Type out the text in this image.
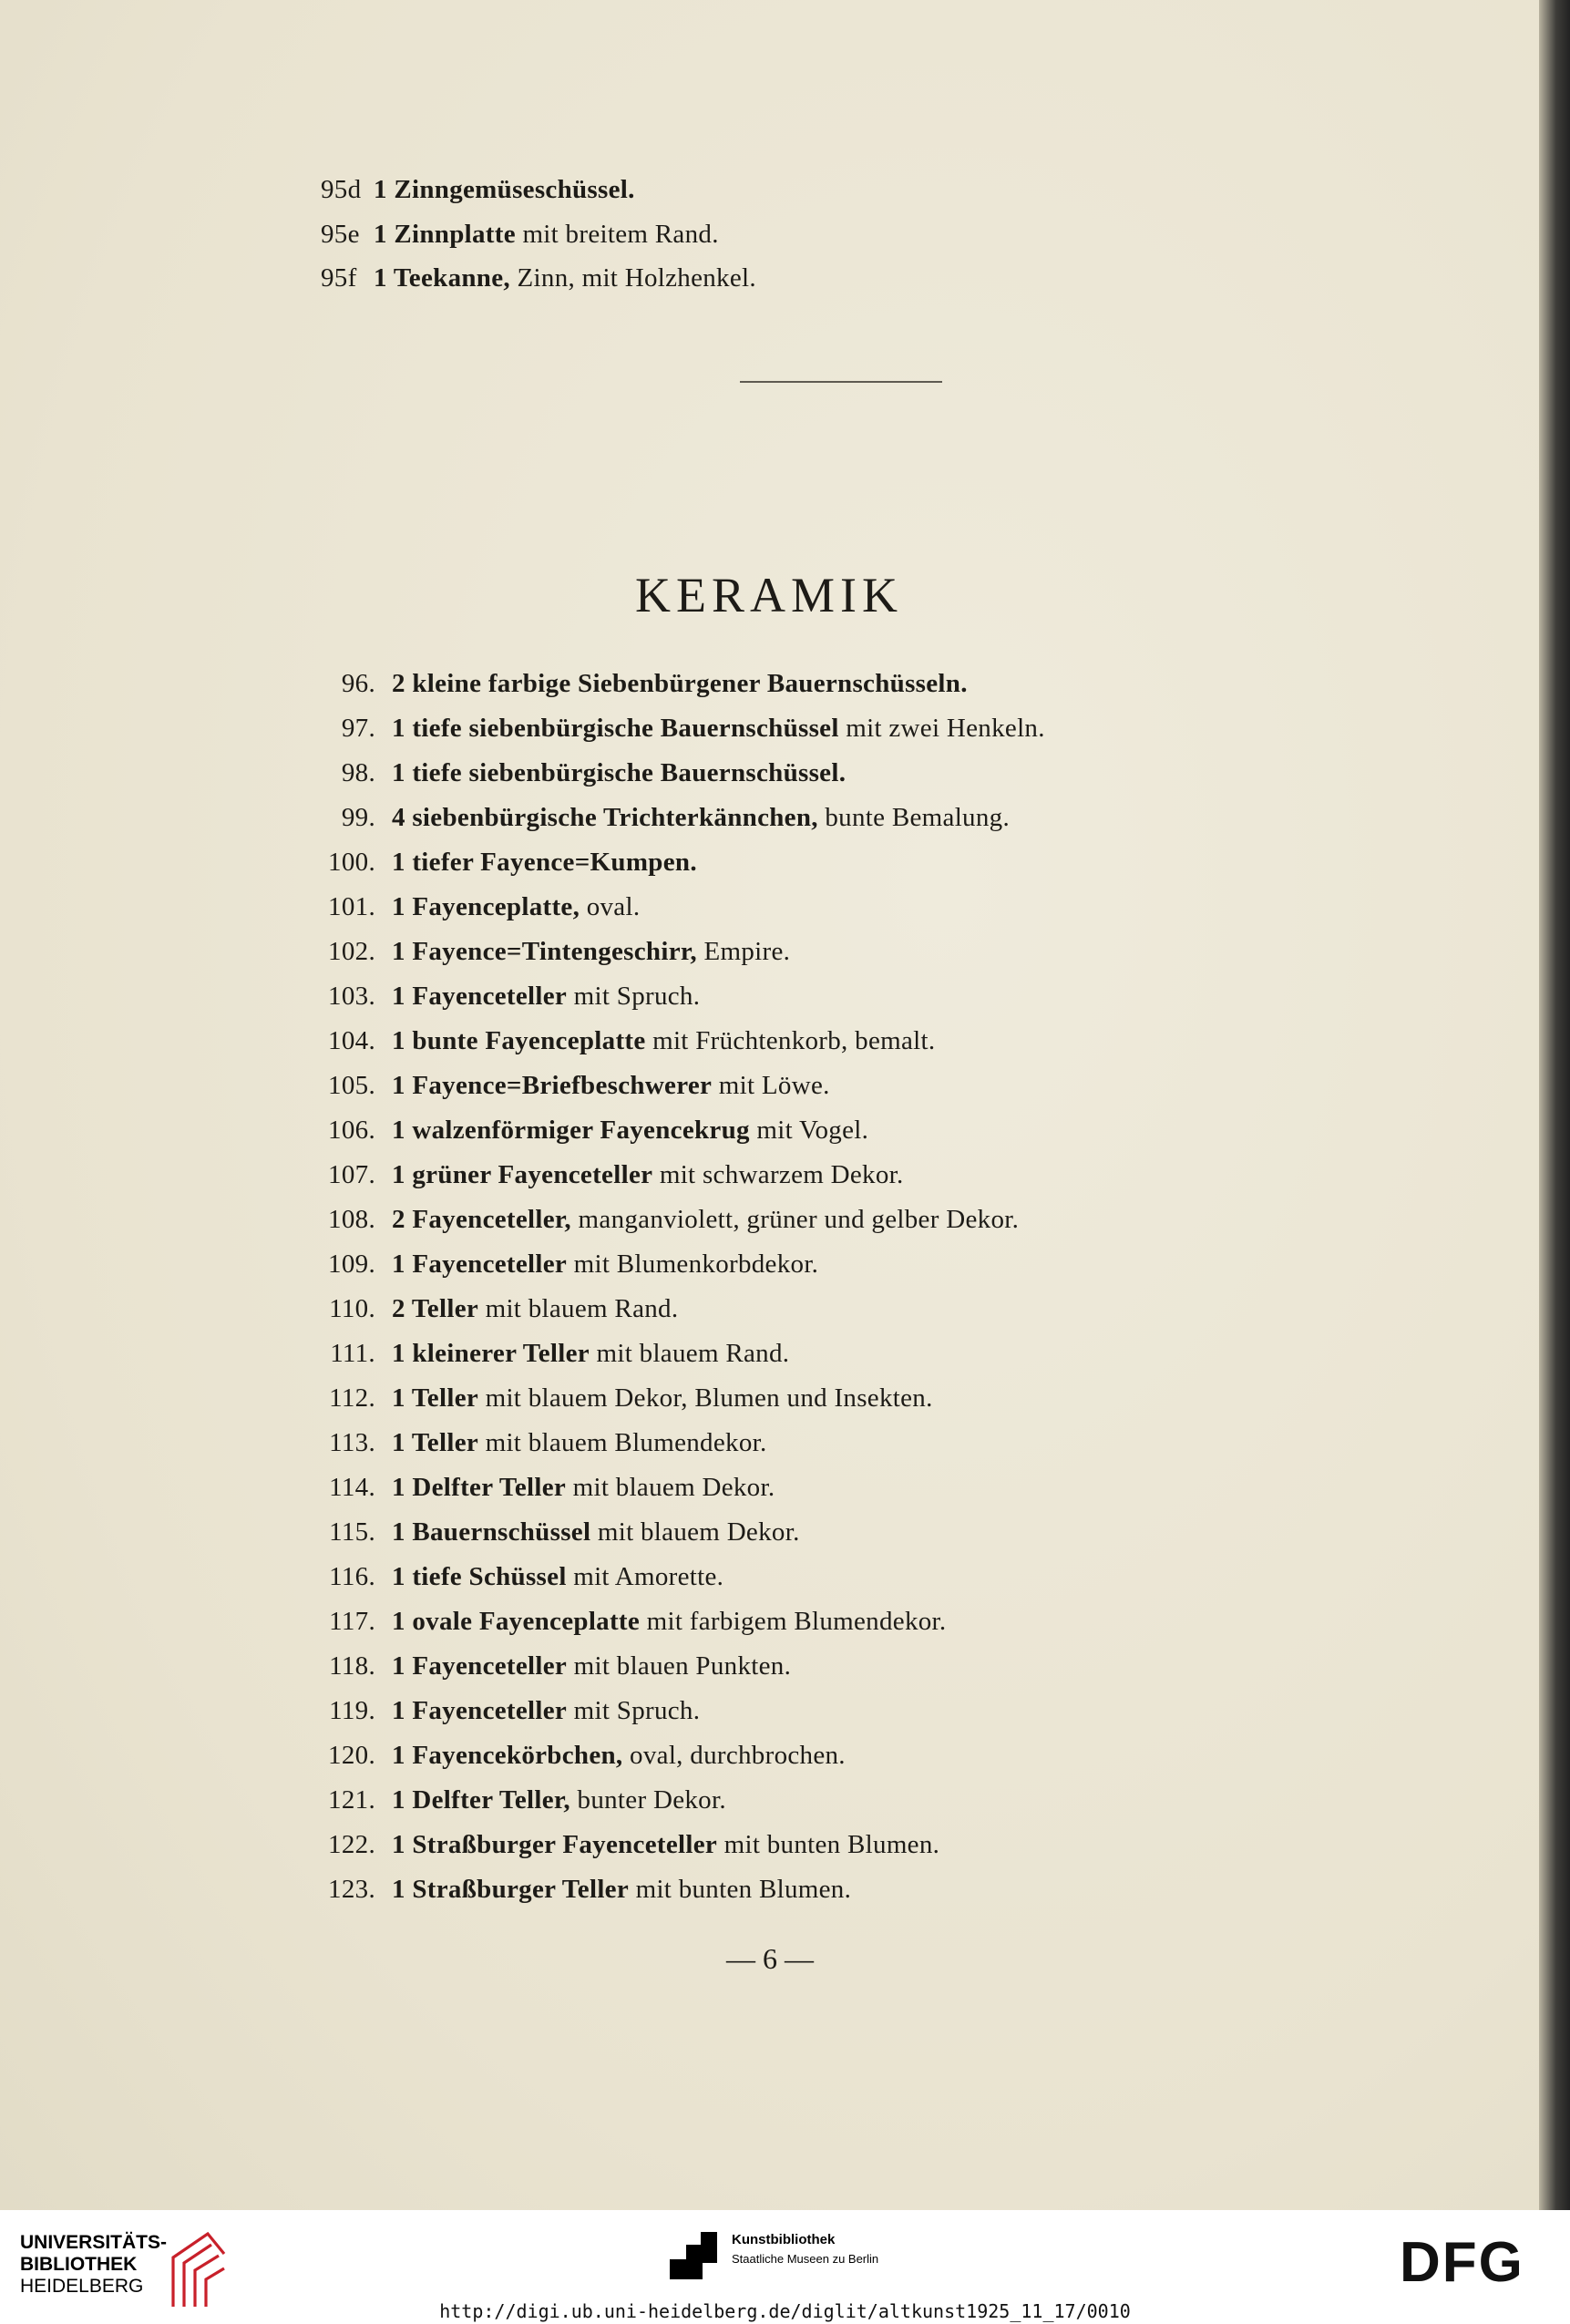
95d 1 Zinngemüseschüssel.
95e 1 Zinnplatte mit breitem Rand.
95f 1 Teekanne, Zinn, mit Holzhenkel.
KERAMIK
96. 2 kleine farbige Siebenbürgener Bauernschüsseln.
97. 1 tiefe siebenbürgische Bauernschüssel mit zwei Henkeln.
98. 1 tiefe siebenbürgische Bauernschüssel.
99. 4 siebenbürgische Trichterkännchen, bunte Bemalung.
100. 1 tiefer Fayence=Kumpen.
101. 1 Fayenceplatte, oval.
102. 1 Fayence=Tintengeschirr, Empire.
103. 1 Fayenceteller mit Spruch.
104. 1 bunte Fayenceplatte mit Früchtenkorb, bemalt.
105. 1 Fayence=Briefbeschwerer mit Löwe.
106. 1 walzenförmiger Fayencekrug mit Vogel.
107. 1 grüner Fayenceteller mit schwarzem Dekor.
108. 2 Fayenceteller, manganviolett, grüner und gelber Dekor.
109. 1 Fayenceteller mit Blumenkorbdekor.
110. 2 Teller mit blauem Rand.
111. 1 kleinerer Teller mit blauem Rand.
112. 1 Teller mit blauem Dekor, Blumen und Insekten.
113. 1 Teller mit blauem Blumendekor.
114. 1 Delfter Teller mit blauem Dekor.
115. 1 Bauernschüssel mit blauem Dekor.
116. 1 tiefe Schüssel mit Amorette.
117. 1 ovale Fayenceplatte mit farbigem Blumendekor.
118. 1 Fayenceteller mit blauen Punkten.
119. 1 Fayenceteller mit Spruch.
120. 1 Fayencekörbchen, oval, durchbrochen.
121. 1 Delfter Teller, bunter Dekor.
122. 1 Straßburger Fayenceteller mit bunten Blumen.
123. 1 Straßburger Teller mit bunten Blumen.
— 6 —
UNIVERSITÄTS-
BIBLIOTHEK
HEIDELBERG
Kunstbibliothek
Staatliche Museen zu Berlin	DFG
http://digi.ub.uni-heidelberg.de/diglit/altkunst1925_11_17/0010
